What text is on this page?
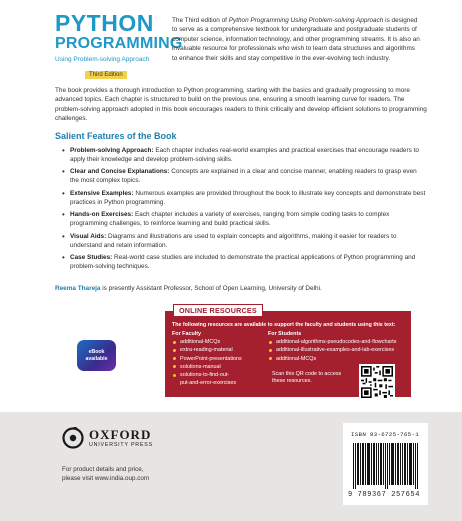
PYTHON
PROGRAMMING
Using Problem-solving Approach
Third Edition
The Third edition of Python Programming Using Problem-solving Approach is designed to serve as a comprehensive textbook for undergraduate and postgraduate students of computer science, information technology, and other programming streams. It is also an invaluable resource for professionals who wish to learn data structures and algorithms to enhance their skills and stay competitive in the ever-evolving tech industry.
The book provides a thorough introduction to Python programming, starting with the basics and gradually progressing to more advanced topics. Each chapter is structured to build on the previous one, ensuring a smooth learning curve for readers. The problem-solving approach adopted in this book encourages readers to think critically and develop efficient solutions to programming challenges.
Salient Features of the Book
• Problem-solving Approach: Each chapter includes real-world examples and practical exercises that encourage readers to apply their knowledge and develop problem-solving skills.
• Clear and Concise Explanations: Concepts are explained in a clear and concise manner, enabling readers to grasp even the most complex topics.
• Extensive Examples: Numerous examples are provided throughout the book to illustrate key concepts and demonstrate best practices in Python programming.
• Hands-on Exercises: Each chapter includes a variety of exercises, ranging from simple coding tasks to complex programming challenges, to reinforce learning and build practical skills.
• Visual Aids: Diagrams and illustrations are used to explain concepts and algorithms, making it easier for readers to understand and retain information.
• Case Studies: Real-world case studies are included to demonstrate the practical applications of Python programming and problem-solving techniques.
Reema Thareja is presently Assistant Professor, School of Open Learning, University of Delhi.
eBook
available
ONLINE RESOURCES
The following resources are available to support the faculty and students using this text:
For Faculty
additional-MCQs
extra-reading-material
PowerPoint-presentations
solutions-manual
solutions-to-find-out-
put-and-error-exercises
For Students
additional-algorithms-pseudocodes-and-flowcharts
additional-illustrative-examples-and-lab-exercises
additional-MCQs
Scan this QR code to access these resources.
OXFORD
UNIVERSITY PRESS
For product details and price,
please visit www.india.oup.com
ISBN 93-6725-765-1
9 789367 257654
